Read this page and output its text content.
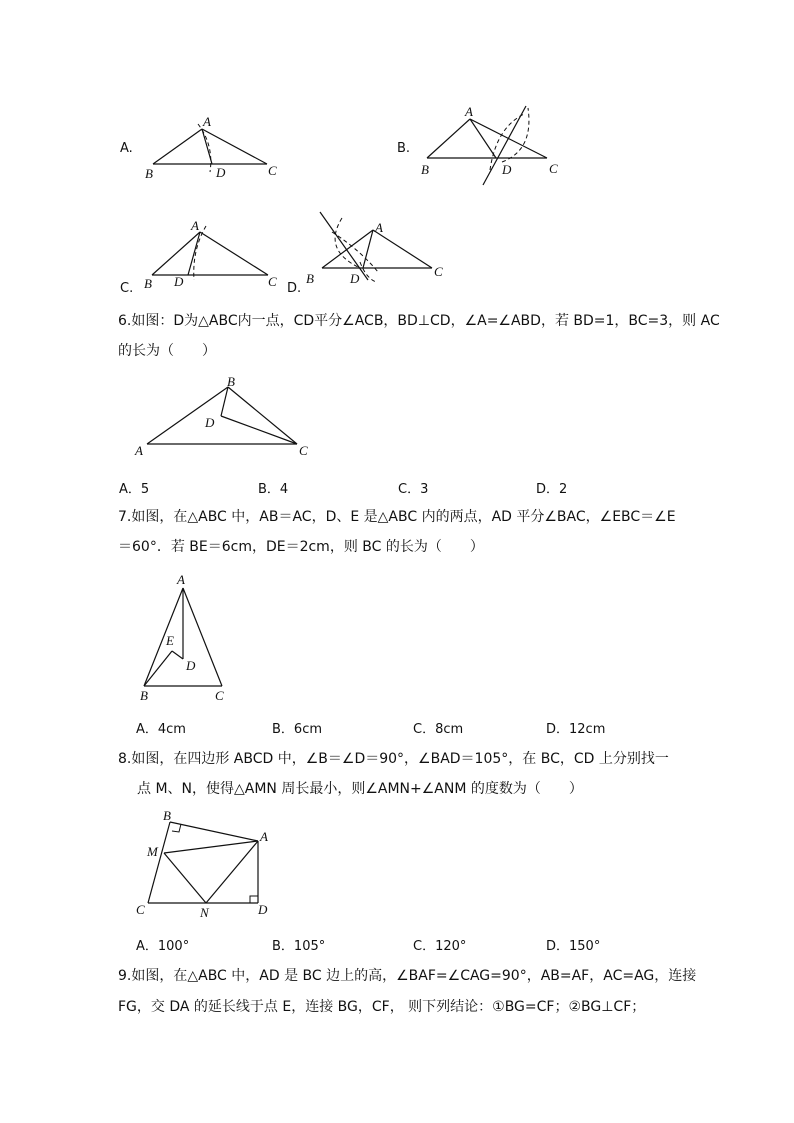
A.
A
B	C
D
B.
A
B	C
D
C.
A
B	C
D	D.
A
B	C
D
6.如图：D为△ABC内一点，CD平分∠ACB，BD⊥CD，∠A=∠ABD，若 BD=1，BC=3，则 AC
的长为（　　）
B
D
A	C
A．5	B．4	C．3	D．2
7.如图，在△ABC 中，AB＝AC，D、E 是△ABC 内的两点，AD 平分∠BAC，∠EBC＝∠E
＝60°．若 BE＝6cm，DE＝2cm，则 BC 的长为（　　）
A
E
D
B	C
A．4cm	B．6cm	C．8cm	D．12cm
8.如图，在四边形 ABCD 中，∠B＝∠D＝90°，∠BAD＝105°，在 BC，CD 上分别找一
点 M、N，使得△AMN 周长最小，则∠AMN+∠ANM 的度数为（　　）
B
A
M
C	N	D
A．100°	B．105°	C．120°	D．150°
9.如图，在△ABC 中，AD 是 BC 边上的高，∠BAF=∠CAG=90°，AB=AF，AC=AG，连接
FG，交 DA 的延长线于点 E，连接 BG，CF， 则下列结论：①BG=CF；②BG⊥CF；
